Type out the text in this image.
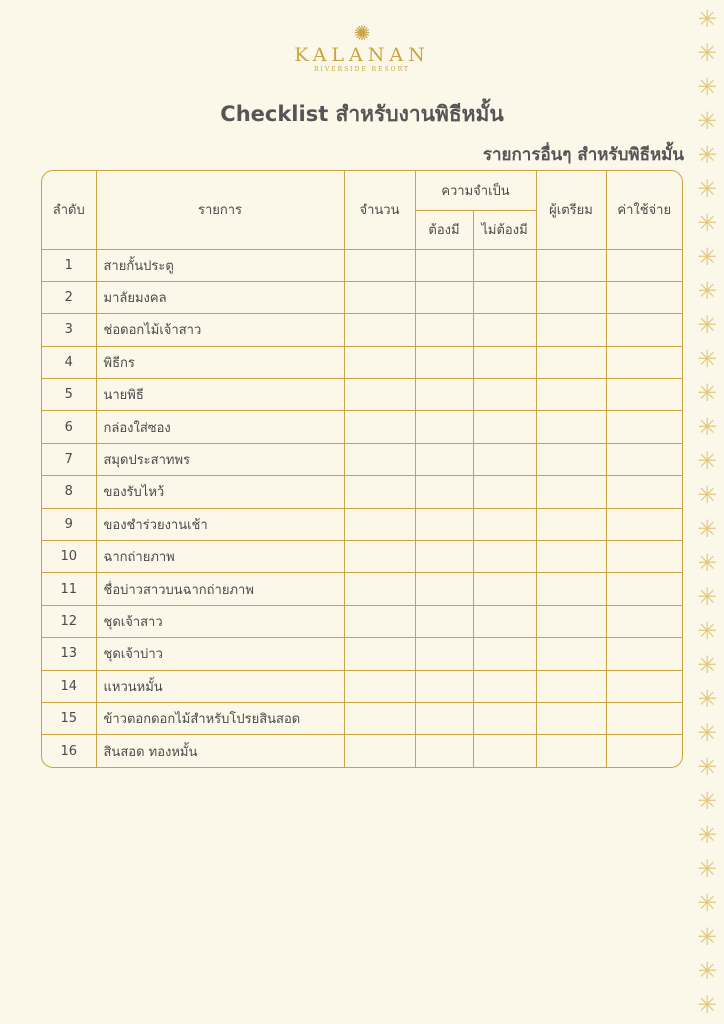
✺
KALANAN
RIVERSIDE RESORT
Checklist สำหรับงานพิธีหมั้น
รายการอื่นๆ สำหรับพิธีหมั้น
ลำดับ	รายการ	จำนวน	ความจำเป็น		ผู้เตรียม	ค่าใช้จ่าย
			ต้องมี	ไม่ต้องมี		
1	สายกั้นประตู					
2	มาลัยมงคล					
3	ช่อดอกไม้เจ้าสาว					
4	พิธีกร					
5	นายพิธี					
6	กล่องใส่ซอง					
7	สมุดประสาทพร					
8	ของรับไหว้					
9	ของชำร่วยงานเช้า					
10	ฉากถ่ายภาพ					
11	ชื่อบ่าวสาวบนฉากถ่ายภาพ					
12	ชุดเจ้าสาว					
13	ชุดเจ้าบ่าว					
14	แหวนหมั้น					
15	ข้าวตอกดอกไม้สำหรับโปรยสินสอด					
16	สินสอด ทองหมั้น					
✳
✳
✳
✳
✳
✳
✳
✳
✳
✳
✳
✳
✳
✳
✳
✳
✳
✳
✳
✳
✳
✳
✳
✳
✳
✳
✳
✳
✳
✳
